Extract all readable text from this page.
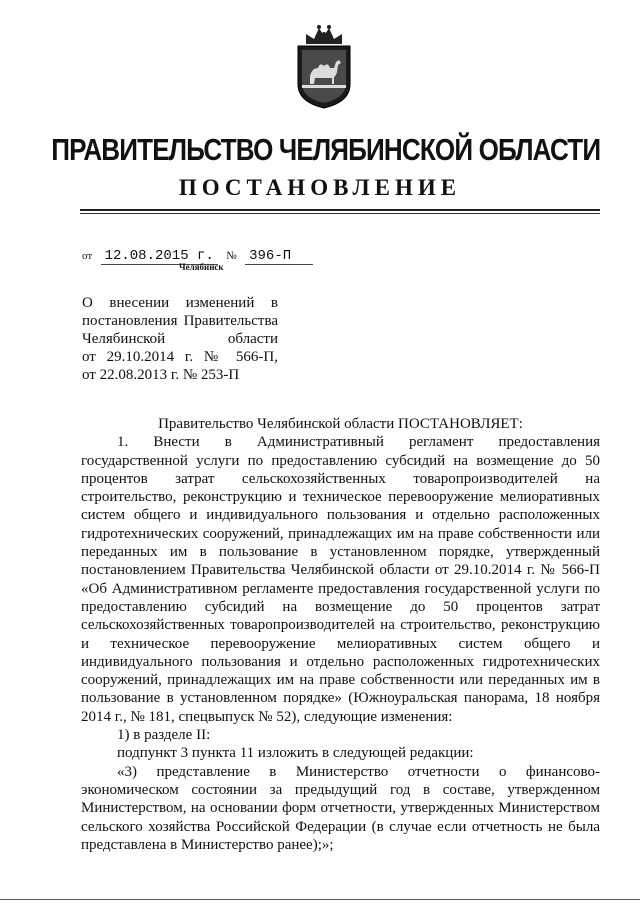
ПРАВИТЕЛЬСТВО ЧЕЛЯБИНСКОЙ ОБЛАСТИ
ПОСТАНОВЛЕНИЕ
от 12.08.2015 г. № 396-П
Челябинск
О внесении изменений в
постановления Правительства
Челябинской области
от 29.10.2014 г. № 566-П,
от 22.08.2013 г. № 253-П

Правительство Челябинской области ПОСТАНОВЛЯЕТ:

1. Внести в Административный регламент предоставления государственной услуги по предоставлению субсидий на возмещение до 50 процентов затрат сельскохозяйственных товаропроизводителей на строительство, реконструкцию и техническое перевооружение мелиоративных систем общего и индивидуального пользования и отдельно расположенных гидротехнических сооружений, принадлежащих им на праве собственности или переданных им в пользование в установленном порядке, утвержденный постановлением Правительства Челябинской области от 29.10.2014 г. № 566-П «Об Административном регламенте предоставления государственной услуги по предоставлению субсидий на возмещение до 50 процентов затрат сельскохозяйственных товаропроизводителей на строительство, реконструкцию и техническое перевооружение мелиоративных систем общего и индивидуального пользования и отдельно расположенных гидротехнических сооружений, принадлежащих им на праве собственности или переданных им в пользование в установленном порядке» (Южноуральская панорама, 18 ноября 2014 г., № 181, спецвыпуск № 52), следующие изменения:

1) в разделе II:

подпункт 3 пункта 11 изложить в следующей редакции:

«3) представление в Министерство отчетности о финансово-экономическом состоянии за предыдущий год в составе, утвержденном Министерством, на основании форм отчетности, утвержденных Министерством сельского хозяйства Российской Федерации (в случае если отчетность не была представлена в Министерство ранее);»;
